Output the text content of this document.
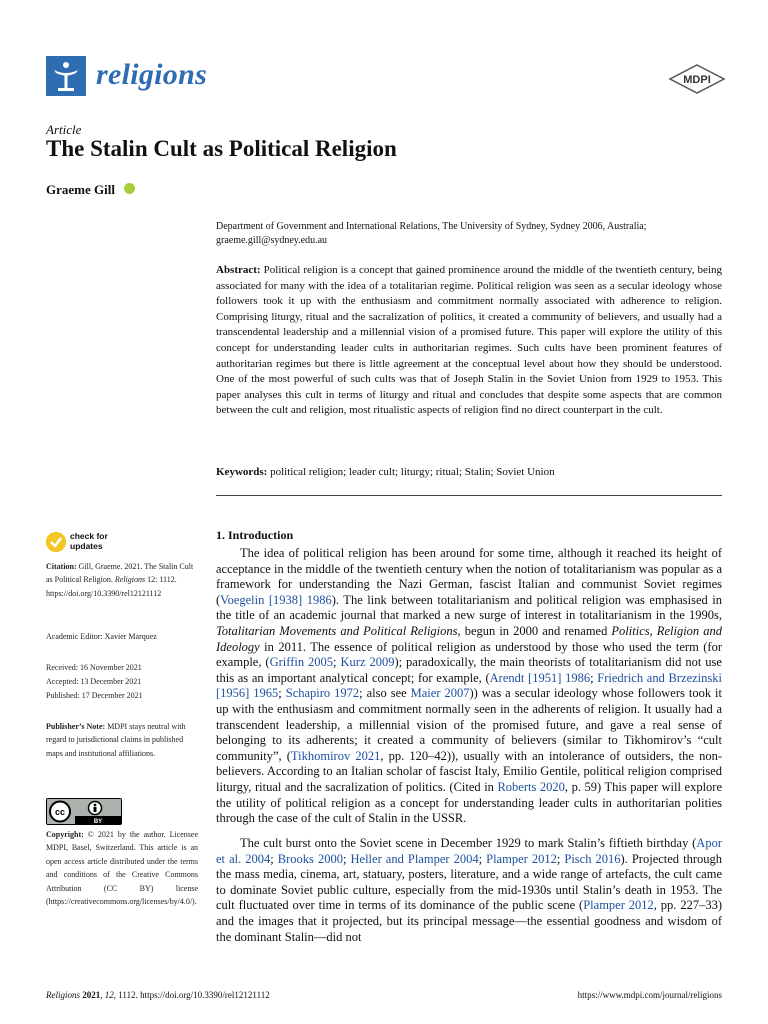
religions	MDPI
Article
The Stalin Cult as Political Religion
Graeme Gill
Department of Government and International Relations, The University of Sydney, Sydney 2006, Australia;
graeme.gill@sydney.edu.au
Abstract: Political religion is a concept that gained prominence around the middle of the twentieth century, being associated for many with the idea of a totalitarian regime. Political religion was seen as a secular ideology whose followers took it up with the enthusiasm and commitment normally associated with adherence to religion. Comprising liturgy, ritual and the sacralization of politics, it created a community of believers, and usually had a transcendental leadership and a millennial vision of a promised future. This paper will explore the utility of this concept for understanding leader cults in authoritarian regimes. Such cults have been prominent features of authoritarian regimes but there is little agreement at the conceptual level about how they should be understood. One of the most powerful of such cults was that of Joseph Stalin in the Soviet Union from 1929 to 1953. This paper analyses this cult in terms of liturgy and ritual and concludes that despite some aspects that are common between the cult and religion, most ritualistic aspects of religion find no direct counterpart in the cult.
Keywords: political religion; leader cult; liturgy; ritual; Stalin; Soviet Union
1. Introduction
The idea of political religion has been around for some time, although it reached its height of acceptance in the middle of the twentieth century when the notion of totalitarianism was popular as a framework for understanding the Nazi German, fascist Italian and communist Soviet regimes (Voegelin [1938] 1986). The link between totalitarianism and political religion was emphasised in the title of an academic journal that marked a new surge of interest in totalitarianism in the 1990s, Totalitarian Movements and Political Religions, begun in 2000 and renamed Politics, Religion and Ideology in 2011. The essence of political religion as understood by those who used the term (for example, (Griffin 2005; Kurz 2009); paradoxically, the main theorists of totalitarianism did not use this as an important analytical concept; for example, (Arendt [1951] 1986; Friedrich and Brzezinski [1956] 1965; Schapiro 1972; also see Maier 2007)) was a secular ideology whose followers took it up with the enthusiasm and commitment normally seen in the adherents of religion. It usually had a transcendent leadership, a millennial vision of the promised future, and gave a real sense of belonging to its adherents; it created a community of believers (similar to Tikhomirov’s “cult community”, (Tikhomirov 2021, pp. 120–42)), usually with an intolerance of outsiders, the non-believers. According to an Italian scholar of fascist Italy, Emilio Gentile, political religion comprised liturgy, ritual and the sacralization of politics. (Cited in Roberts 2020, p. 59) This paper will explore the utility of political religion as a concept for understanding leader cults in authoritarian polities through the case of the cult of Stalin in the USSR.
The cult burst onto the Soviet scene in December 1929 to mark Stalin’s fiftieth birthday (Apor et al. 2004; Brooks 2000; Heller and Plamper 2004; Plamper 2012; Pisch 2016). Projected through the mass media, cinema, art, statuary, posters, literature, and a wide range of artefacts, the cult came to dominate Soviet public culture, especially from the mid-1930s until Stalin’s death in 1953. The cult fluctuated over time in terms of its dominance of the public scene (Plamper 2012, pp. 227–33) and the images that it projected, but its principal message—the essential goodness and wisdom of the dominant Stalin—did not
check for
updates
Citation: Gill, Graeme. 2021. The Stalin Cult as Political Religion. Religions 12: 1112. https://doi.org/10.3390/rel12121112
Academic Editor: Xavier Marquez
Received: 16 November 2021
Accepted: 13 December 2021
Published: 17 December 2021
Publisher’s Note: MDPI stays neutral with regard to jurisdictional claims in published maps and institutional affiliations.
cc
BY
Copyright: © 2021 by the author. Licensee MDPI, Basel, Switzerland. This article is an open access article distributed under the terms and conditions of the Creative Commons Attribution (CC BY) license (https://creativecommons.org/licenses/by/4.0/).
Religions 2021, 12, 1112. https://doi.org/10.3390/rel12121112	https://www.mdpi.com/journal/religions
